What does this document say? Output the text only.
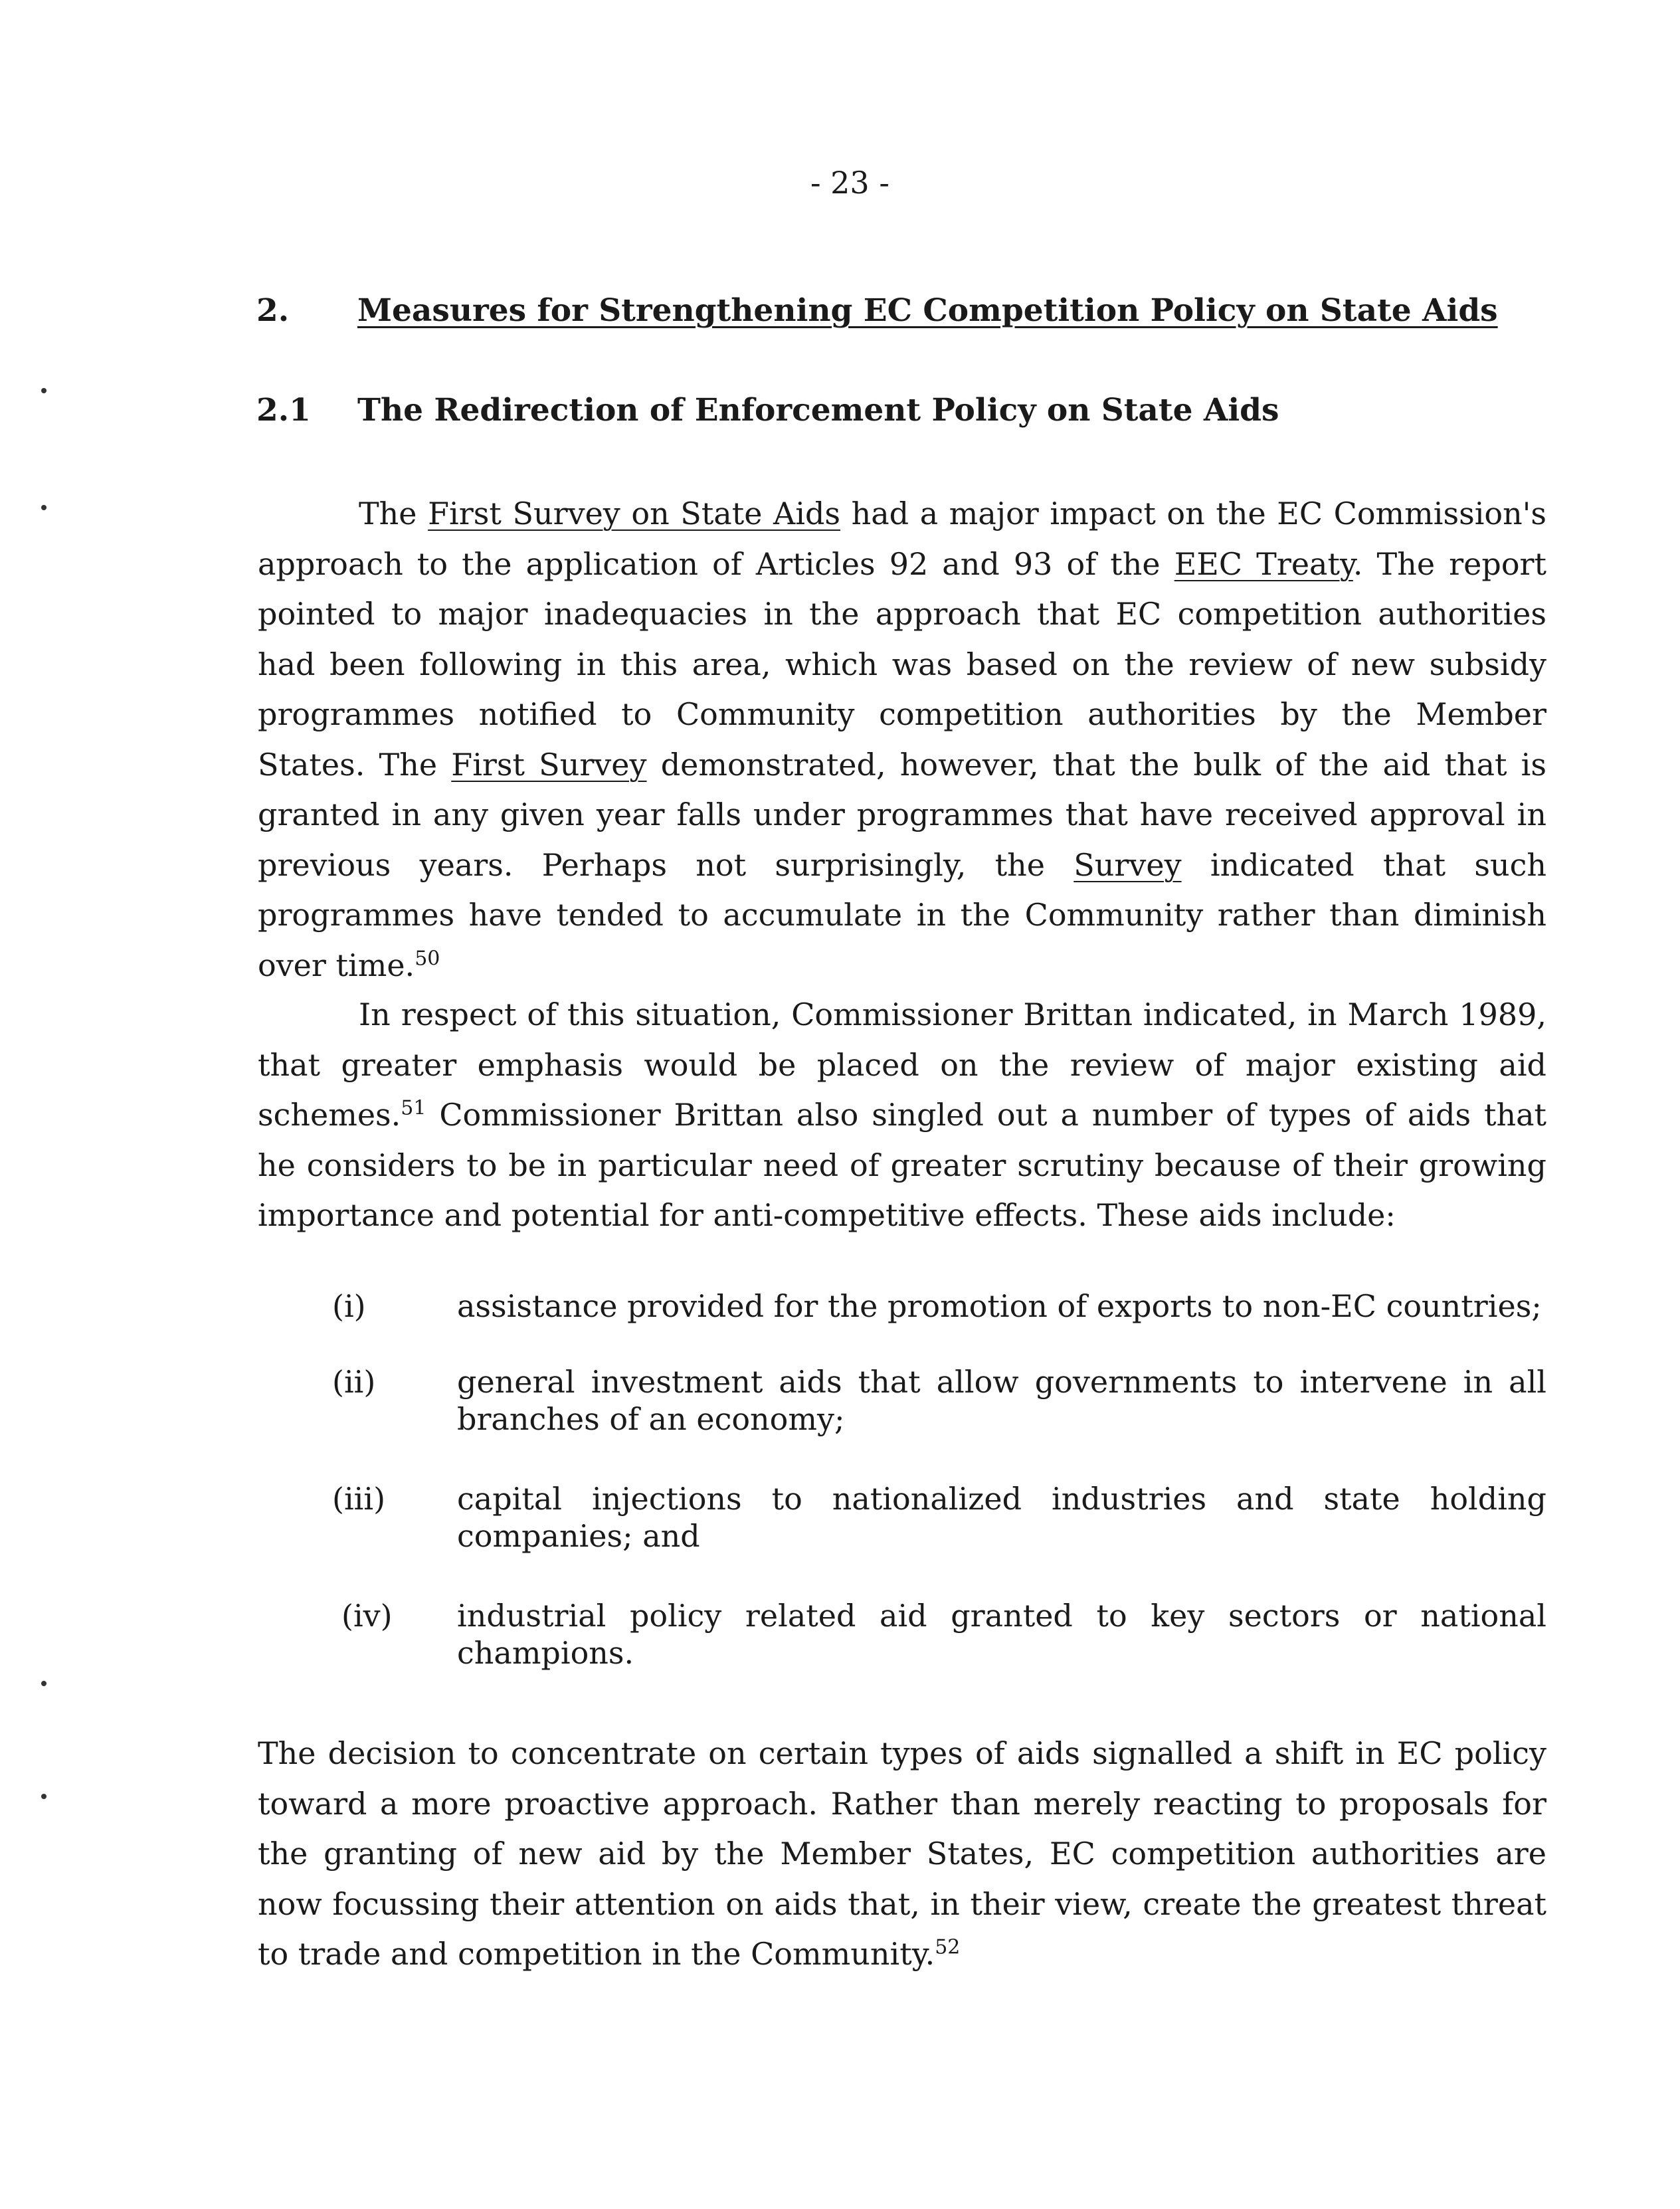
- 23 -
2. Measures for Strengthening EC Competition Policy on State Aids
2.1 The Redirection of Enforcement Policy on State Aids
The First Survey on State Aids had a major impact on the EC Commission's approach to the application of Articles 92 and 93 of the EEC Treaty. The report pointed to major inadequacies in the approach that EC competition authorities had been following in this area, which was based on the review of new subsidy programmes notified to Community competition authorities by the Member States. The First Survey demonstrated, however, that the bulk of the aid that is granted in any given year falls under programmes that have received approval in previous years. Perhaps not surprisingly, the Survey indicated that such programmes have tended to accumulate in the Community rather than diminish over time.$^{50}$
In respect of this situation, Commissioner Brittan indicated, in March 1989, that greater emphasis would be placed on the review of major existing aid schemes.$^{51}$ Commissioner Brittan also singled out a number of types of aids that he considers to be in particular need of greater scrutiny because of their growing importance and potential for anti-competitive effects. These aids include:
(i)	assistance provided for the promotion of exports to non-EC countries;
(ii)	general investment aids that allow governments to intervene in all branches of an economy;
(iii)	capital injections to nationalized industries and state holding companies; and
(iv)	industrial policy related aid granted to key sectors or national champions.
The decision to concentrate on certain types of aids signalled a shift in EC policy toward a more proactive approach. Rather than merely reacting to proposals for the granting of new aid by the Member States, EC competition authorities are now focussing their attention on aids that, in their view, create the greatest threat to trade and competition in the Community.$^{52}$
